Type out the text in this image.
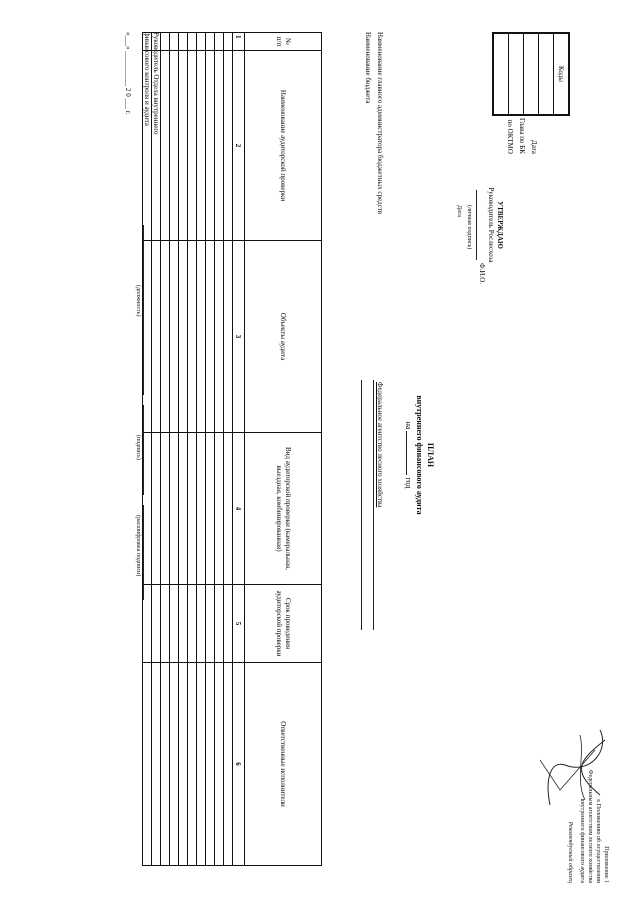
Приложение 1
к Положению об осуществлении
Федеральным агентством лесного хозяйства
внутреннего финансового аудита
Рекомендуемый образец
УТВЕРЖДАЮ
Руководитель Рослесхоза
Ф.И.О.
(личная подпись)
Дата
Дата
Глава по БК
по ОКТМО
Коды
ПЛАН
внутреннего финансового аудита
на  год
Наименование главного администратора бюджетных средств
Федеральное агентство лесного хозяйства
Наименование бюджета
№ п/п	Наименование аудиторской проверки	Объекты аудита	Вид аудиторской проверки (камеральная, выездная, комбинированная)	Срок проведения аудиторской проверки	Ответственные исполнители
1	2	3	4	5	6

Руководитель Отдела внутреннего
финансового контроля и аудита
(должность)
(подпись)
(расшифровка подписи)
«___» __________ 2 0 ___ г.
